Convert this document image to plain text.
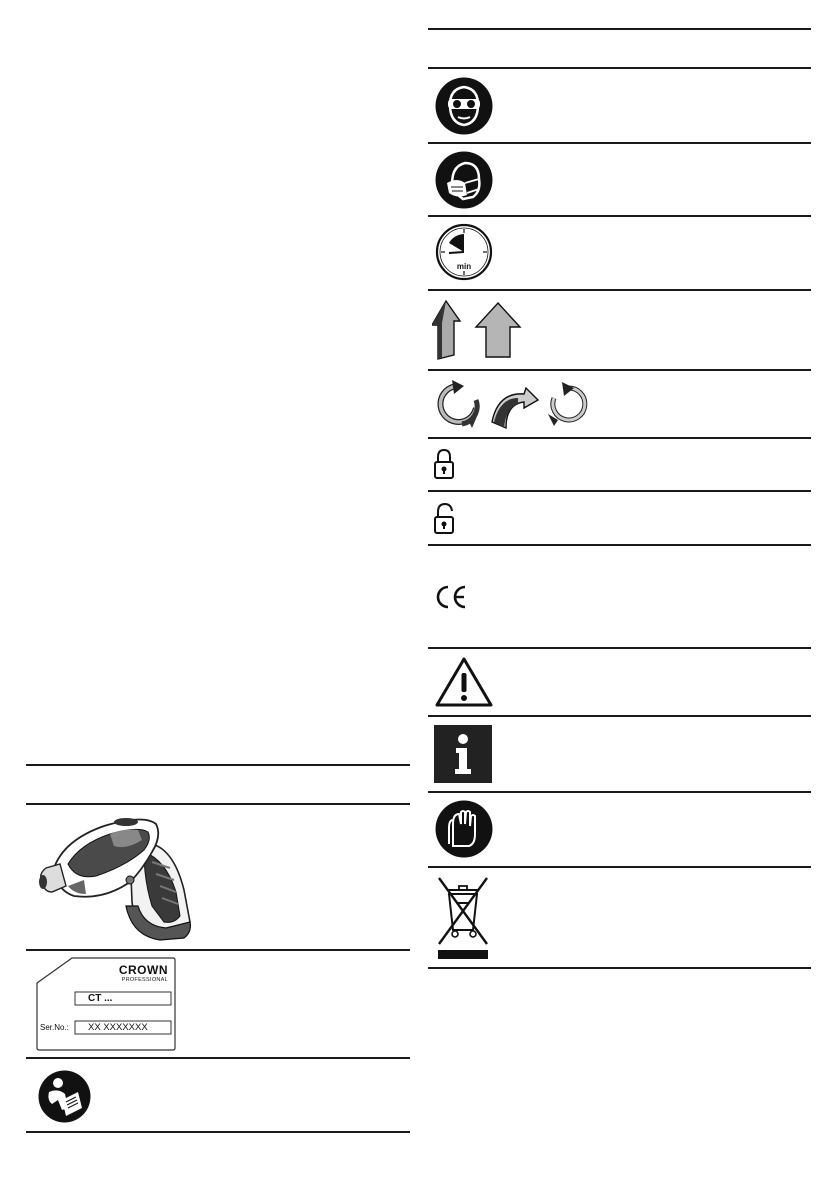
CROWN
PROFESSIONAL
CT ...
Ser.No.: XX XXXXXXX
min
